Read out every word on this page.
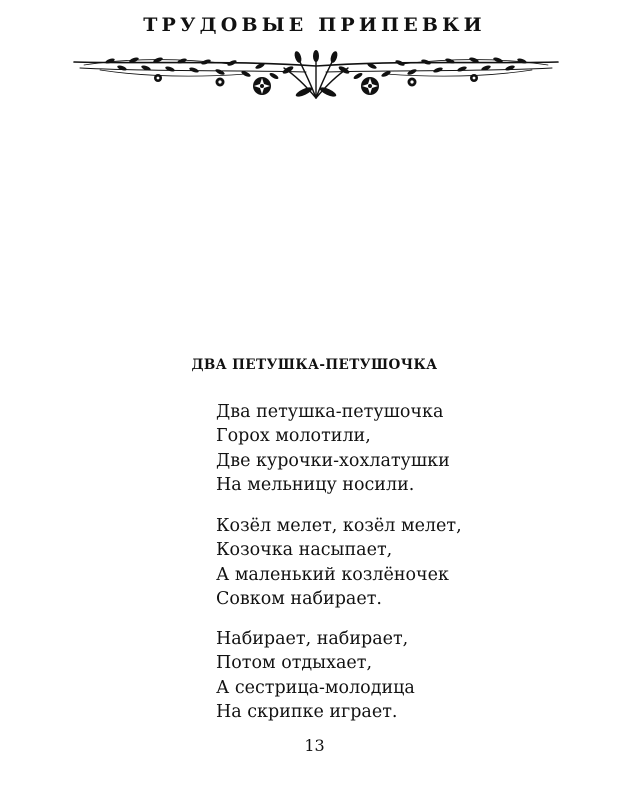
ТРУДОВЫЕ ПРИПЕВКИ
ДВА ПЕТУШКА-ПЕТУШОЧКА
Два петушка-петушочка
Горох молотили,
Две курочки-хохлатушки
На мельницу носили.
Козёл мелет, козёл мелет,
Козочка насыпает,
А маленький козлёночек
Совком набирает.
Набирает, набирает,
Потом отдыхает,
А сестрица-молодица
На скрипке играет.
13
